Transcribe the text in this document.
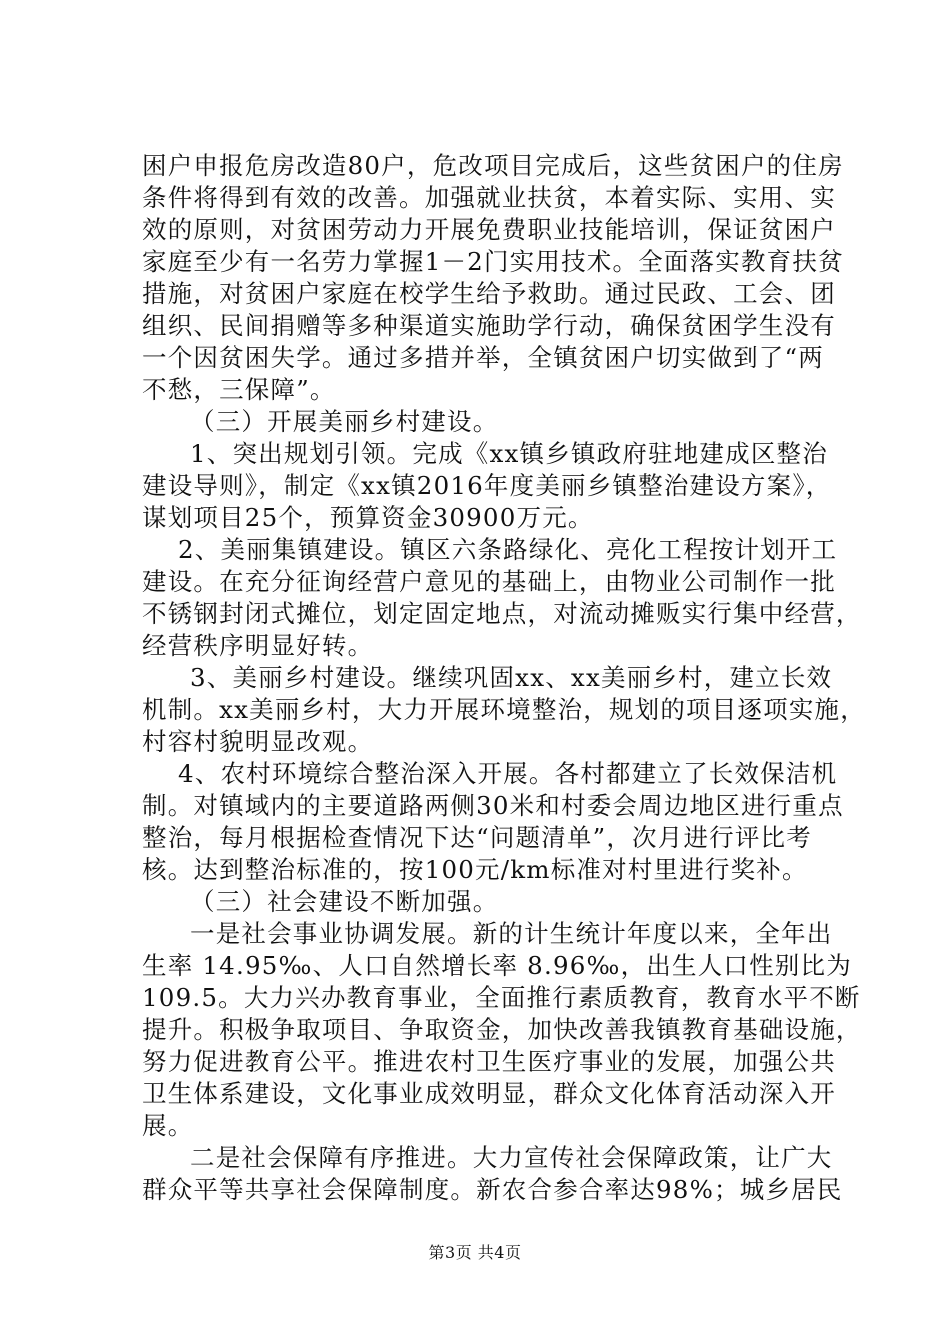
困户申报危房改造80户，危改项目完成后，这些贫困户的住房
条件将得到有效的改善。加强就业扶贫，本着实际、实用、实
效的原则，对贫困劳动力开展免费职业技能培训，保证贫困户
家庭至少有一名劳力掌握1－2门实用技术。全面落实教育扶贫
措施，对贫困户家庭在校学生给予救助。通过民政、工会、团
组织、民间捐赠等多种渠道实施助学行动，确保贫困学生没有
一个因贫困失学。通过多措并举，全镇贫困户切实做到了“两
不愁，三保障”。
（三）开展美丽乡村建设。
1、突出规划引领。完成《xx镇乡镇政府驻地建成区整治
建设导则》，制定《xx镇2016年度美丽乡镇整治建设方案》，
谋划项目25个，预算资金30900万元。
2、美丽集镇建设。镇区六条路绿化、亮化工程按计划开工
建设。在充分征询经营户意见的基础上，由物业公司制作一批
不锈钢封闭式摊位，划定固定地点，对流动摊贩实行集中经营，
经营秩序明显好转。
3、美丽乡村建设。继续巩固xx、xx美丽乡村，建立长效
机制。xx美丽乡村，大力开展环境整治，规划的项目逐项实施，
村容村貌明显改观。
4、农村环境综合整治深入开展。各村都建立了长效保洁机
制。对镇域内的主要道路两侧30米和村委会周边地区进行重点
整治，每月根据检查情况下达“问题清单”，次月进行评比考
核。达到整治标准的，按100元/km标准对村里进行奖补。
（三）社会建设不断加强。
一是社会事业协调发展。新的计生统计年度以来，全年出
生率 14.95‰、人口自然增长率 8.96‰，出生人口性别比为
109.5。大力兴办教育事业，全面推行素质教育，教育水平不断
提升。积极争取项目、争取资金，加快改善我镇教育基础设施，
努力促进教育公平。推进农村卫生医疗事业的发展，加强公共
卫生体系建设，文化事业成效明显，群众文化体育活动深入开
展。
二是社会保障有序推进。大力宣传社会保障政策，让广大
群众平等共享社会保障制度。新农合参合率达98%；城乡居民
第3页 共4页
